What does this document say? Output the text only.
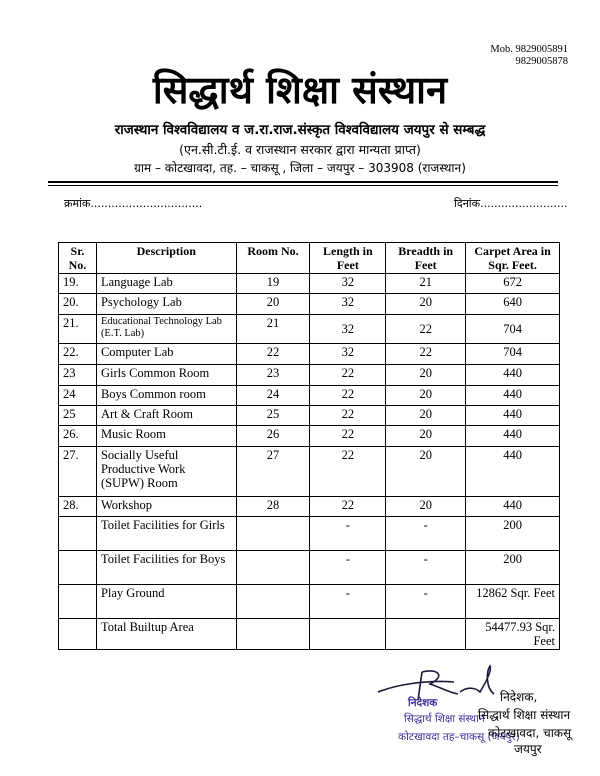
Mob. 9829005891
9829005878
सिद्धार्थ शिक्षा संस्थान
राजस्थान विश्वविद्यालय व ज.रा.राज.संस्कृत विश्वविद्यालय जयपुर से सम्बद्ध
(एन.सी.टी.ई. व राजस्थान सरकार द्वारा मान्यता प्राप्त)
ग्राम – कोटखावदा, तह. – चाकसू , जिला – जयपुर – 303908 (राजस्थान)
क्रमांक................................	दिनांक.........................
Sr. No.	Description	Room No.	Length in Feet	Breadth in Feet	Carpet Area in Sqr. Feet.
19.	Language Lab	19	32	21	672
20.	Psychology Lab	20	32	20	640
21.	Educational Technology Lab (E.T. Lab)	21	32	22	704
22.	Computer Lab	22	32	22	704
23	Girls Common Room	23	22	20	440
24	Boys Common room	24	22	20	440
25	Art & Craft Room	25	22	20	440
26.	Music Room	26	22	20	440
27.	Socially Useful Productive Work (SUPW) Room	27	22	20	440
28.	Workshop	28	22	20	440
	Toilet Facilities for Girls		-	-	200
	Toilet Facilities for Boys		-	-	200
	Play Ground		-	-	12862 Sqr. Feet
	Total Builtup Area				54477.93 Sqr. Feet
निदेशक
सिद्धार्थ शिक्षा संस्थान
कोटखावदा तह–चाकसू (जयपुर)
निदेशक,
सिद्धार्थ शिक्षा संस्थान
कोटखावदा, चाकसू
जयपुर
